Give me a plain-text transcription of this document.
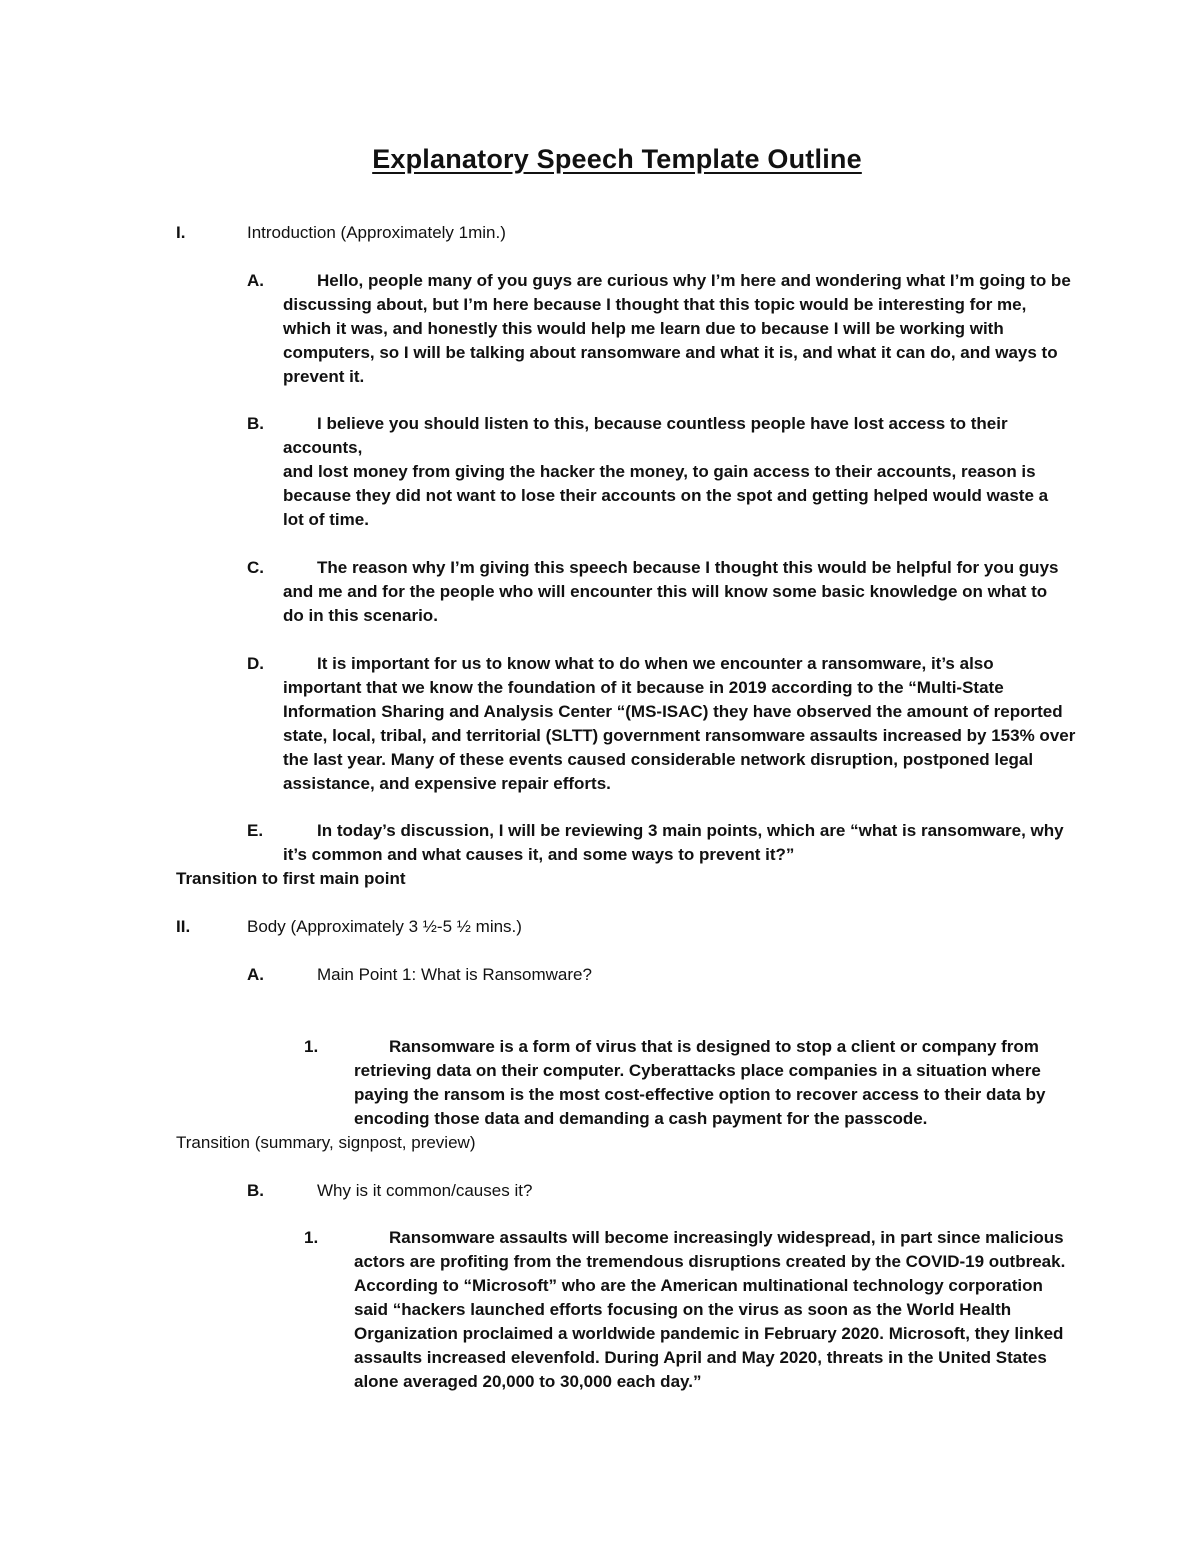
Explanatory Speech Template Outline
I.	Introduction (Approximately 1min.)
A.	Hello, people many of you guys are curious why I’m here and wondering what I’m going to be
discussing about, but I’m here because I thought that this topic would be interesting for me,
which it was, and honestly this would help me learn due to because I will be working with
computers, so I will be talking about ransomware and what it is, and what it can do, and ways to
prevent it.
B.	I believe you should listen to this, because countless people have lost access to their
accounts,
and lost money from giving the hacker the money, to gain access to their accounts, reason is
because they did not want to lose their accounts on the spot and getting helped would waste a
lot of time.
C.	The reason why I’m giving this speech because I thought this would be helpful for you guys
and me and for the people who will encounter this will know some basic knowledge on what to
do in this scenario.
D.	It is important for us to know what to do when we encounter a ransomware, it’s also
important that we know the foundation of it because in 2019 according to the “Multi-State
Information Sharing and Analysis Center “(MS-ISAC) they have observed the amount of reported
state, local, tribal, and territorial (SLTT) government ransomware assaults increased by 153% over
the last year. Many of these events caused considerable network disruption, postponed legal
assistance, and expensive repair efforts.
E.	In today’s discussion, I will be reviewing 3 main points, which are “what is ransomware, why
it’s common and what causes it, and some ways to prevent it?”
Transition to first main point
II.	Body (Approximately 3 ½-5 ½ mins.)
A.	Main Point 1: What is Ransomware?
1.	Ransomware is a form of virus that is designed to stop a client or company from
retrieving data on their computer. Cyberattacks place companies in a situation where
paying the ransom is the most cost-effective option to recover access to their data by
encoding those data and demanding a cash payment for the passcode.
Transition (summary, signpost, preview)
B.	Why is it common/causes it?
1.	Ransomware assaults will become increasingly widespread, in part since malicious
actors are profiting from the tremendous disruptions created by the COVID-19 outbreak.
According to “Microsoft” who are the American multinational technology corporation
said “hackers launched efforts focusing on the virus as soon as the World Health
Organization proclaimed a worldwide pandemic in February 2020. Microsoft, they linked
assaults increased elevenfold. During April and May 2020, threats in the United States
alone averaged 20,000 to 30,000 each day.”
